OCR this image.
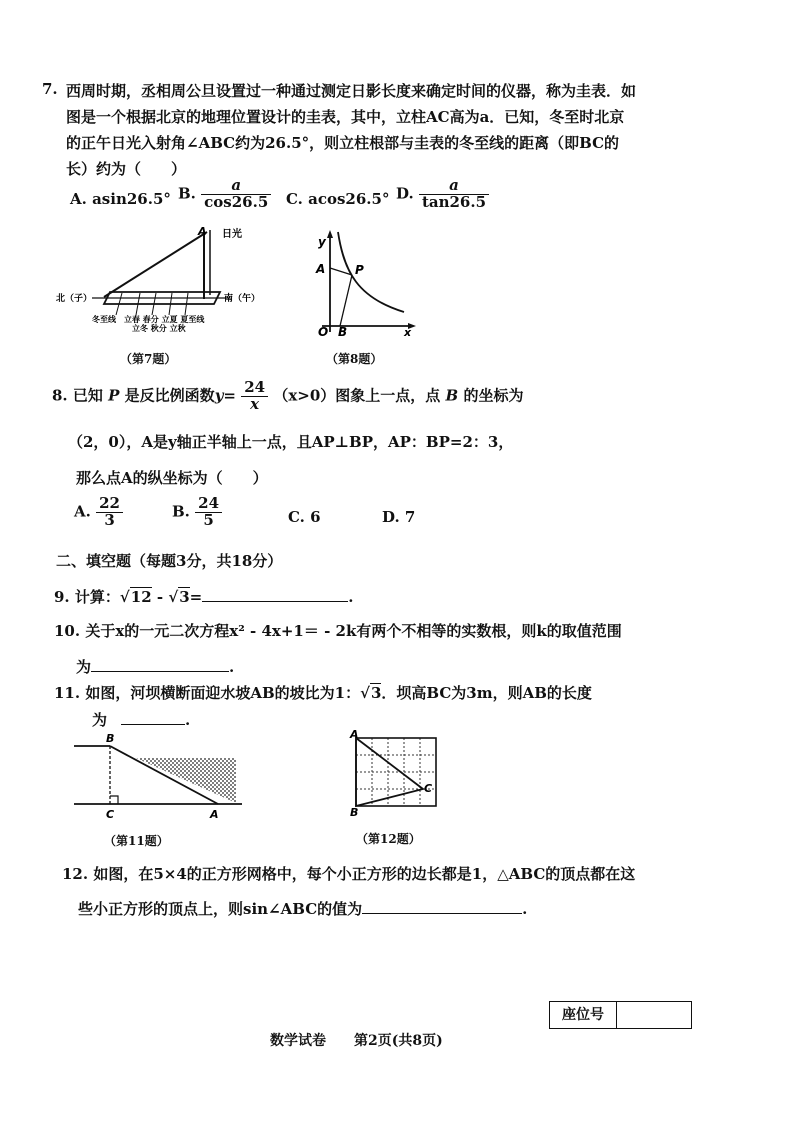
7. 西周时期，丞相周公旦设置过一种通过测定日影长度来确定时间的仪器，称为圭表．如
图是一个根据北京的地理位置设计的圭表，其中，立柱AC高为a．已知，冬至时北京
的正午日光入射角∠ABC约为26.5°，则立柱根部与圭表的冬至线的距离（即BC的
长）约为（　　）
A. asin26.5° B. $\frac{a}{\cos 26.5} C$. acos26.5° D. $\frac{a}{\tan 26.5}$
A 日光
北（子）	南（午）
冬至线　立春 春分 立夏 夏至线
立冬 秋分 立秋
（第7题）
y
A P
O B	x
（第8题）
8. 已知 P 是反比例函数$y= \frac{24}{x} (x>0)$图象上一点，点 B 的坐标为
（2，0），A是y轴正半轴上一点，且AP⊥BP，AP：BP=2：3，
那么点A的纵坐标为（　　）
A. $\frac{22}{3}$	B. $\frac{24}{5}$	C. 6	D. 7
二、填空题（每题3分，共18分）
9. 计算：√12 - √3=	.
10. 关于x的一元二次方程x² - 4x+1＝ - 2k有两个不相等的实数根，则k的取值范围
为	.
11. 如图，河坝横断面迎水坡AB的坡比为1：√3．坝高BC为3m，则AB的长度
为	.
B
C	A
（第11题）
A
B
C
（第12题）
12. 如图，在5×4的正方形网格中，每个小正方形的边长都是1，△ABC的顶点都在这
些小正方形的顶点上，则sin∠ABC的值为	.
座位号
数学试卷　　第2页(共8页)
